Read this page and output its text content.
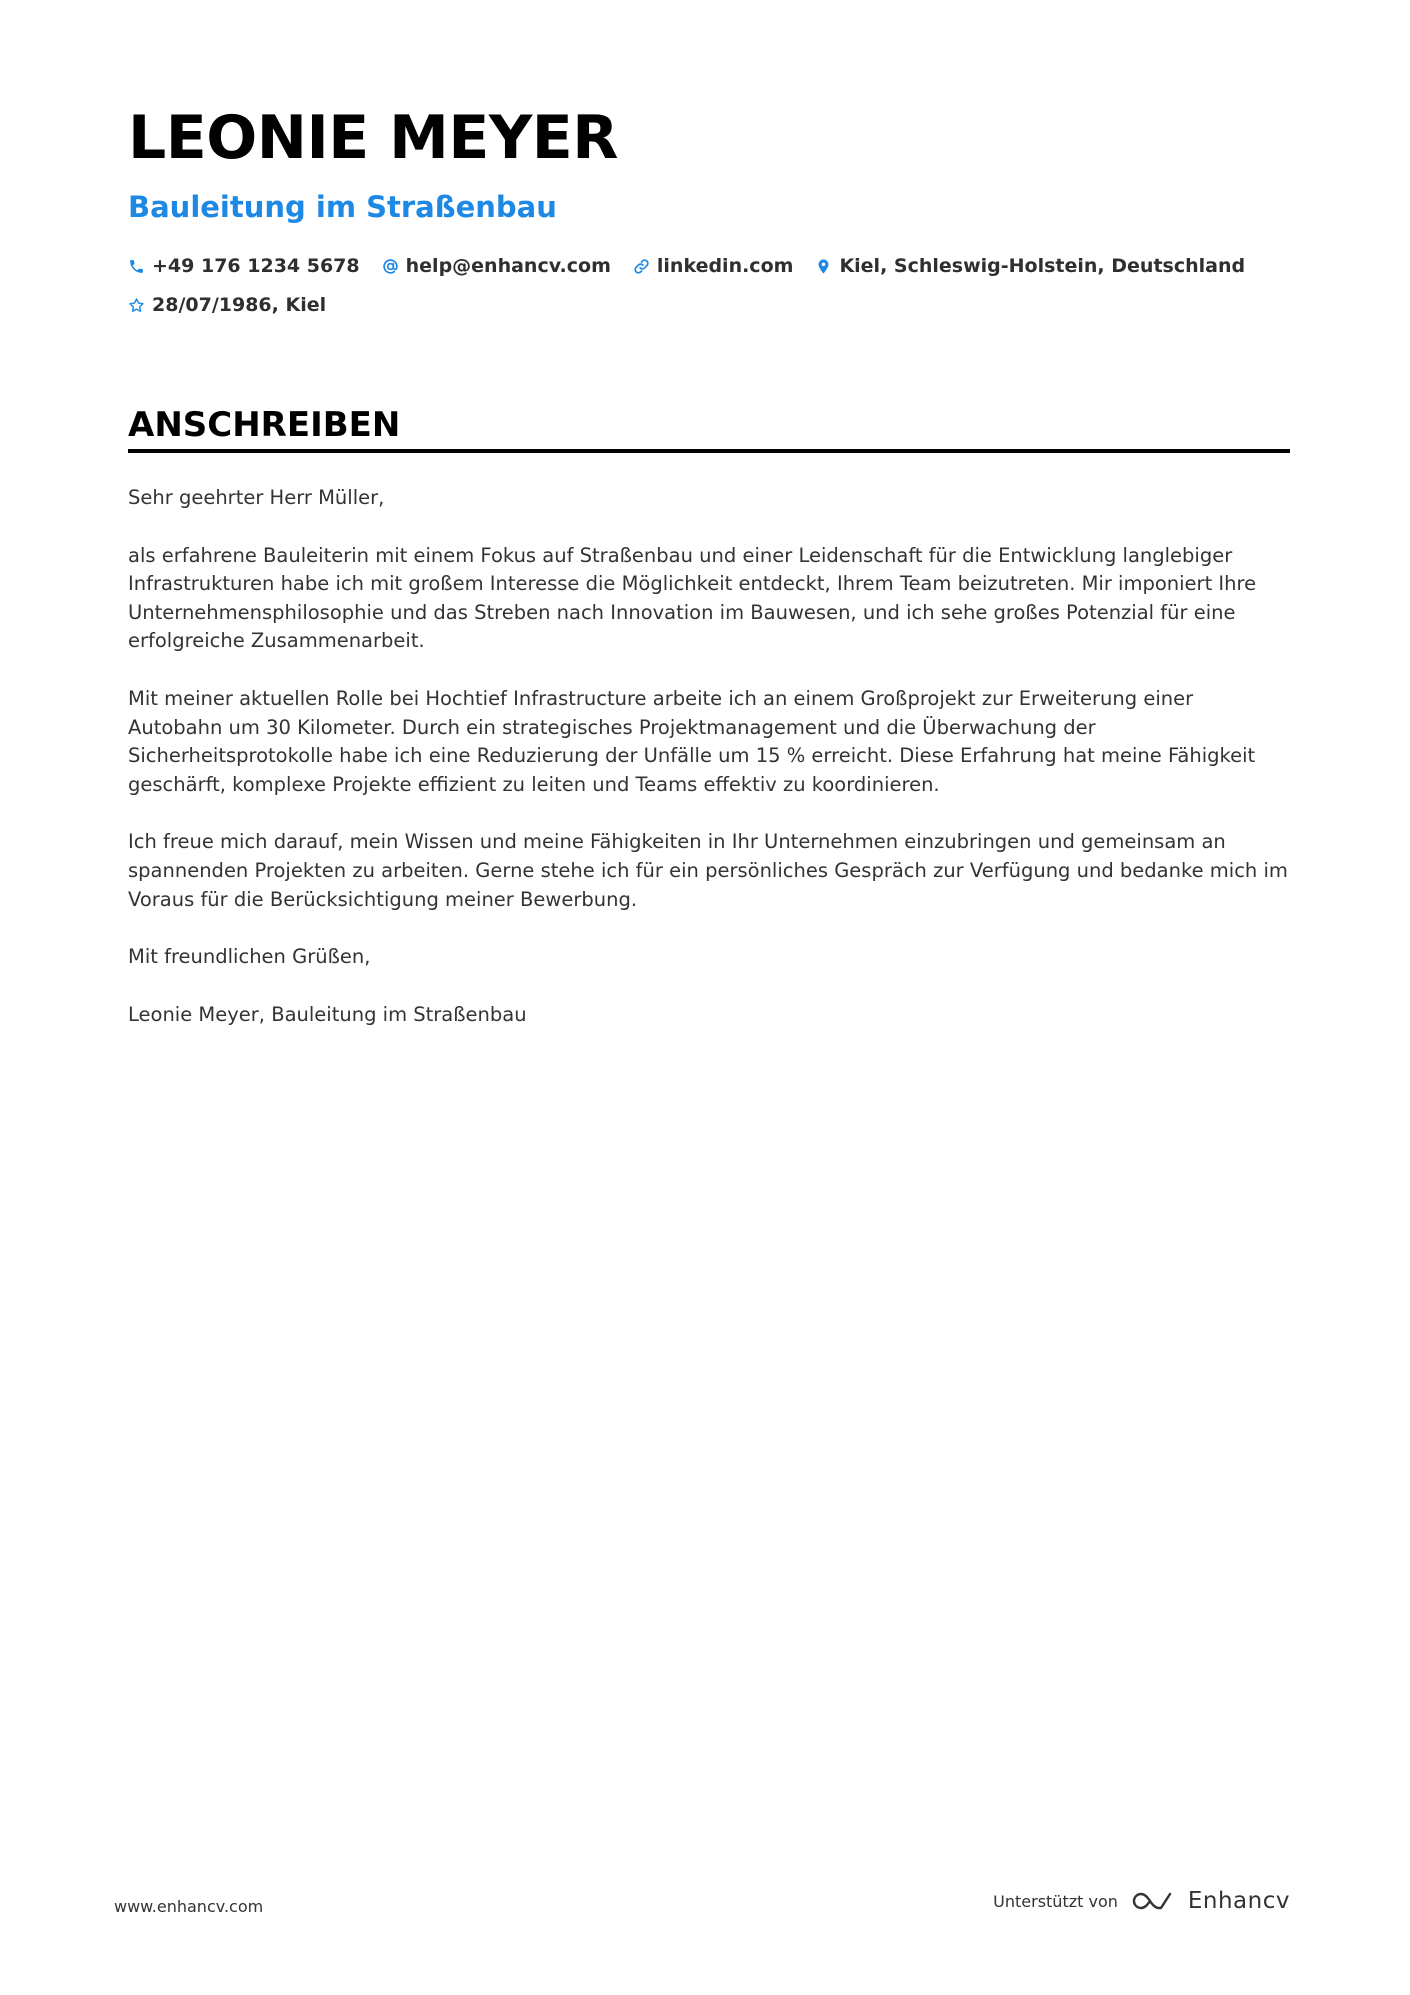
LEONIE MEYER
Bauleitung im Straßenbau
+49 176 1234 5678 help@enhancv.com linkedin.com Kiel, Schleswig-Holstein, Deutschland
28/07/1986, Kiel
ANSCHREIBEN

Sehr geehrter Herr Müller,

als erfahrene Bauleiterin mit einem Fokus auf Straßenbau und einer Leidenschaft für die Entwicklung langlebiger Infrastrukturen habe ich mit großem Interesse die Möglichkeit entdeckt, Ihrem Team beizutreten. Mir imponiert Ihre Unternehmensphilosophie und das Streben nach Innovation im Bauwesen, und ich sehe großes Potenzial für eine erfolgreiche Zusammenarbeit.

Mit meiner aktuellen Rolle bei Hochtief Infrastructure arbeite ich an einem Großprojekt zur Erweiterung einer Autobahn um 30 Kilometer. Durch ein strategisches Projektmanagement und die Überwachung der Sicherheitsprotokolle habe ich eine Reduzierung der Unfälle um 15 % erreicht. Diese Erfahrung hat meine Fähigkeit geschärft, komplexe Projekte effizient zu leiten und Teams effektiv zu koordinieren.

Ich freue mich darauf, mein Wissen und meine Fähigkeiten in Ihr Unternehmen einzubringen und gemeinsam an spannenden Projekten zu arbeiten. Gerne stehe ich für ein persönliches Gespräch zur Verfügung und bedanke mich im Voraus für die Berücksichtigung meiner Bewerbung.

Mit freundlichen Grüßen,

Leonie Meyer, Bauleitung im Straßenbau

www.enhancv.com	Unterstützt von	Enhancv
